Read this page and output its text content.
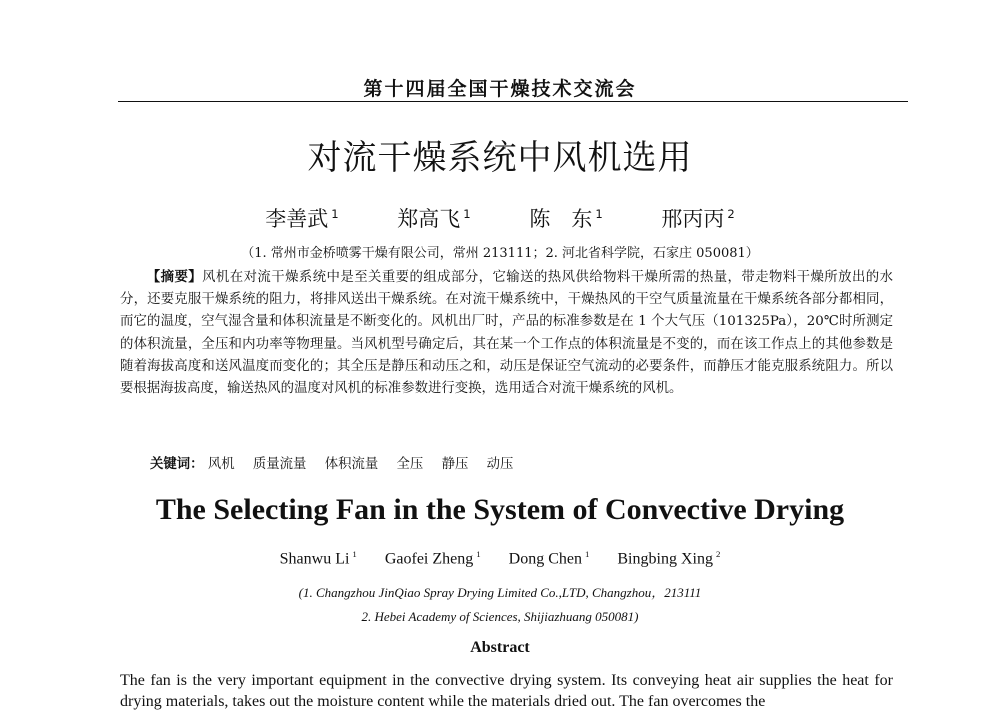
第十四届全国干燥技术交流会
对流干燥系统中风机选用
李善武 $^1$	郑高飞 $^1$	陈　东 $^1$	邢丙丙 $^2$
（1. 常州市金桥喷雾干燥有限公司，常州 213111；2. 河北省科学院，石家庄 050081）

【摘要】风机在对流干燥系统中是至关重要的组成部分，它输送的热风供给物料干燥所需的热量，带走物料干燥所放出的水分，还要克服干燥系统的阻力，将排风送出干燥系统。在对流干燥系统中，干燥热风的干空气质量流量在干燥系统各部分都相同，而它的温度，空气湿含量和体积流量是不断变化的。风机出厂时，产品的标准参数是在 1 个大气压（101325Pa），20℃时所测定的体积流量，全压和内功率等物理量。当风机型号确定后，其在某一个工作点的体积流量是不变的，而在该工作点上的其他参数是随着海拔高度和送风温度而变化的；其全压是静压和动压之和，动压是保证空气流动的必要条件，而静压才能克服系统阻力。所以要根据海拔高度，输送热风的温度对风机的标准参数进行变换，选用适合对流干燥系统的风机。

关键词： 风机 质量流量 体积流量 全压 静压 动压
The Selecting Fan in the System of Convective Drying
Shanwu Li $^1$ Gaofei Zheng $^1$ Dong Chen $^1$ Bingbing Xing $^2$
(1. Changzhou JinQiao Spray Drying Limited Co.,LTD, Changzhou，213111
2. Hebei Academy of Sciences, Shijiazhuang 050081)
Abstract

The fan is the very important equipment in the convective drying system. Its conveying heat air supplies the heat for drying materials, takes out the moisture content while the materials dried out. The fan overcomes the
